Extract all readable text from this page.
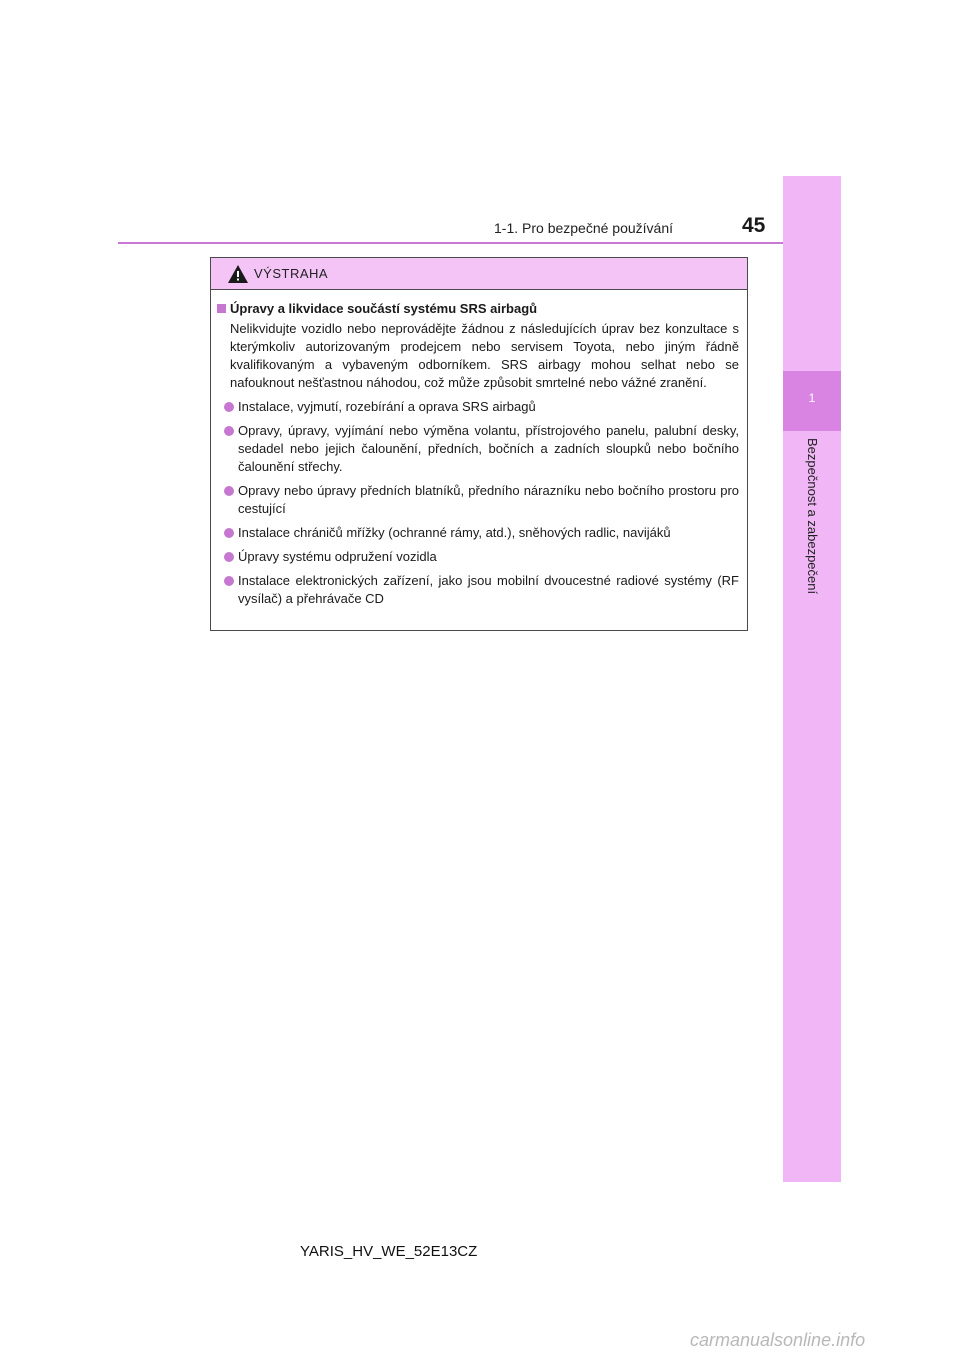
1-1. Pro bezpečné používání	45
1
Bezpečnost a zabezpečení
VÝSTRAHA
Úpravy a likvidace součástí systému SRS airbagů
Nelikvidujte vozidlo nebo neprovádějte žádnou z následujících úprav bez konzultace s kterýmkoliv autorizovaným prodejcem nebo servisem Toyota, nebo jiným řádně kvalifikovaným a vybaveným odborníkem. SRS airbagy mohou selhat nebo se nafouknout nešťastnou náhodou, což může způsobit smrtelné nebo vážné zranění.
Instalace, vyjmutí, rozebírání a oprava SRS airbagů
Opravy, úpravy, vyjímání nebo výměna volantu, přístrojového panelu, palubní desky, sedadel nebo jejich čalounění, předních, bočních a zadních sloupků nebo bočního čalounění střechy.
Opravy nebo úpravy předních blatníků, předního nárazníku nebo bočního prostoru pro cestující
Instalace chráničů mřížky (ochranné rámy, atd.), sněhových radlic, navijáků
Úpravy systému odpružení vozidla
Instalace elektronických zařízení, jako jsou mobilní dvoucestné radiové systémy (RF vysílač) a přehrávače CD
YARIS_HV_WE_52E13CZ
carmanualsonline.info
